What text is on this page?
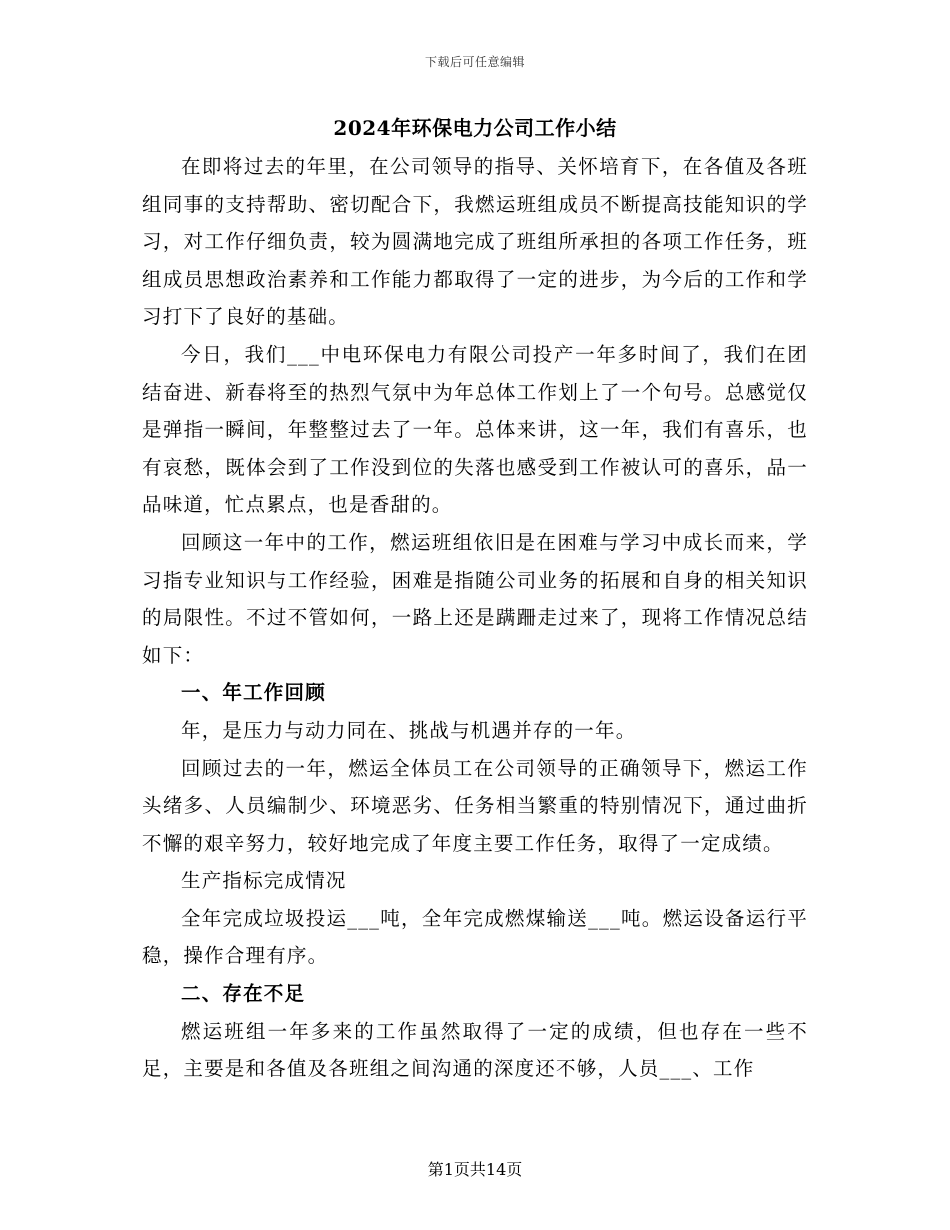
下载后可任意编辑
2024年环保电力公司工作小结

在即将过去的年里，在公司领导的指导、关怀培育下，在各值及各班组同事的支持帮助、密切配合下，我燃运班组成员不断提高技能知识的学习，对工作仔细负责，较为圆满地完成了班组所承担的各项工作任务，班组成员思想政治素养和工作能力都取得了一定的进步，为今后的工作和学习打下了良好的基础。

今日，我们___中电环保电力有限公司投产一年多时间了，我们在团结奋进、新春将至的热烈气氛中为年总体工作划上了一个句号。总感觉仅是弹指一瞬间，年整整过去了一年。总体来讲，这一年，我们有喜乐，也有哀愁，既体会到了工作没到位的失落也感受到工作被认可的喜乐，品一品味道，忙点累点，也是香甜的。

回顾这一年中的工作，燃运班组依旧是在困难与学习中成长而来，学习指专业知识与工作经验，困难是指随公司业务的拓展和自身的相关知识的局限性。不过不管如何，一路上还是蹒跚走过来了，现将工作情况总结如下：

一、年工作回顾

年，是压力与动力同在、挑战与机遇并存的一年。

回顾过去的一年，燃运全体员工在公司领导的正确领导下，燃运工作头绪多、人员编制少、环境恶劣、任务相当繁重的特别情况下，通过曲折不懈的艰辛努力，较好地完成了年度主要工作任务，取得了一定成绩。

生产指标完成情况

全年完成垃圾投运___吨，全年完成燃煤输送___吨。燃运设备运行平稳，操作合理有序。

二、存在不足

燃运班组一年多来的工作虽然取得了一定的成绩，但也存在一些不足，主要是和各值及各班组之间沟通的深度还不够，人员___、工作

第1页共14页
